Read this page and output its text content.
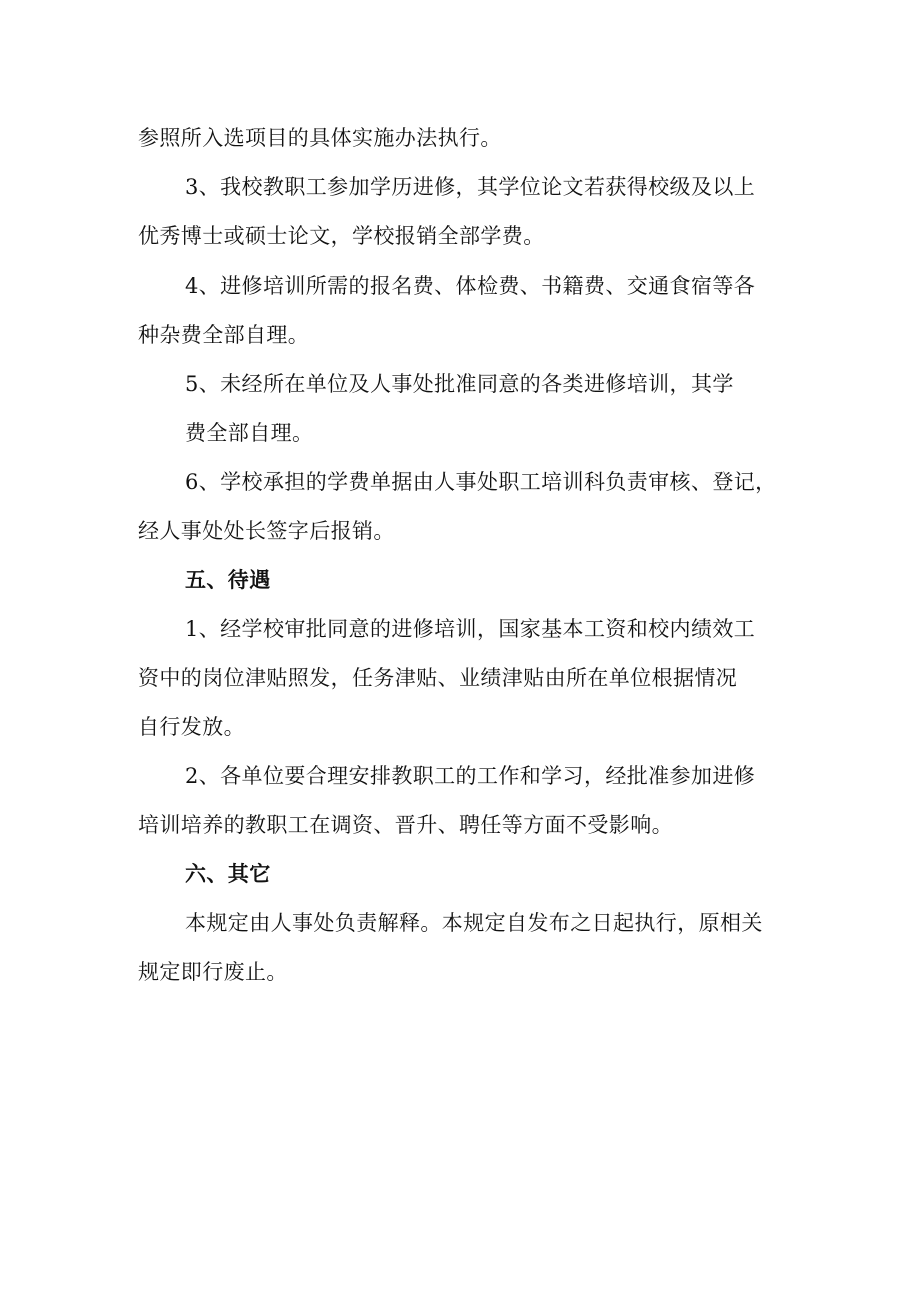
参照所入选项目的具体实施办法执行。
3、我校教职工参加学历进修，其学位论文若获得校级及以上
优秀博士或硕士论文，学校报销全部学费。
4、进修培训所需的报名费、体检费、书籍费、交通食宿等各
种杂费全部自理。
5、未经所在单位及人事处批准同意的各类进修培训，其学
费全部自理。
6、学校承担的学费单据由人事处职工培训科负责审核、登记，
经人事处处长签字后报销。
五、待遇
1、经学校审批同意的进修培训，国家基本工资和校内绩效工
资中的岗位津贴照发，任务津贴、业绩津贴由所在单位根据情况
自行发放。
2、各单位要合理安排教职工的工作和学习，经批准参加进修
培训培养的教职工在调资、晋升、聘任等方面不受影响。
六、其它
本规定由人事处负责解释。本规定自发布之日起执行，原相关
规定即行废止。
